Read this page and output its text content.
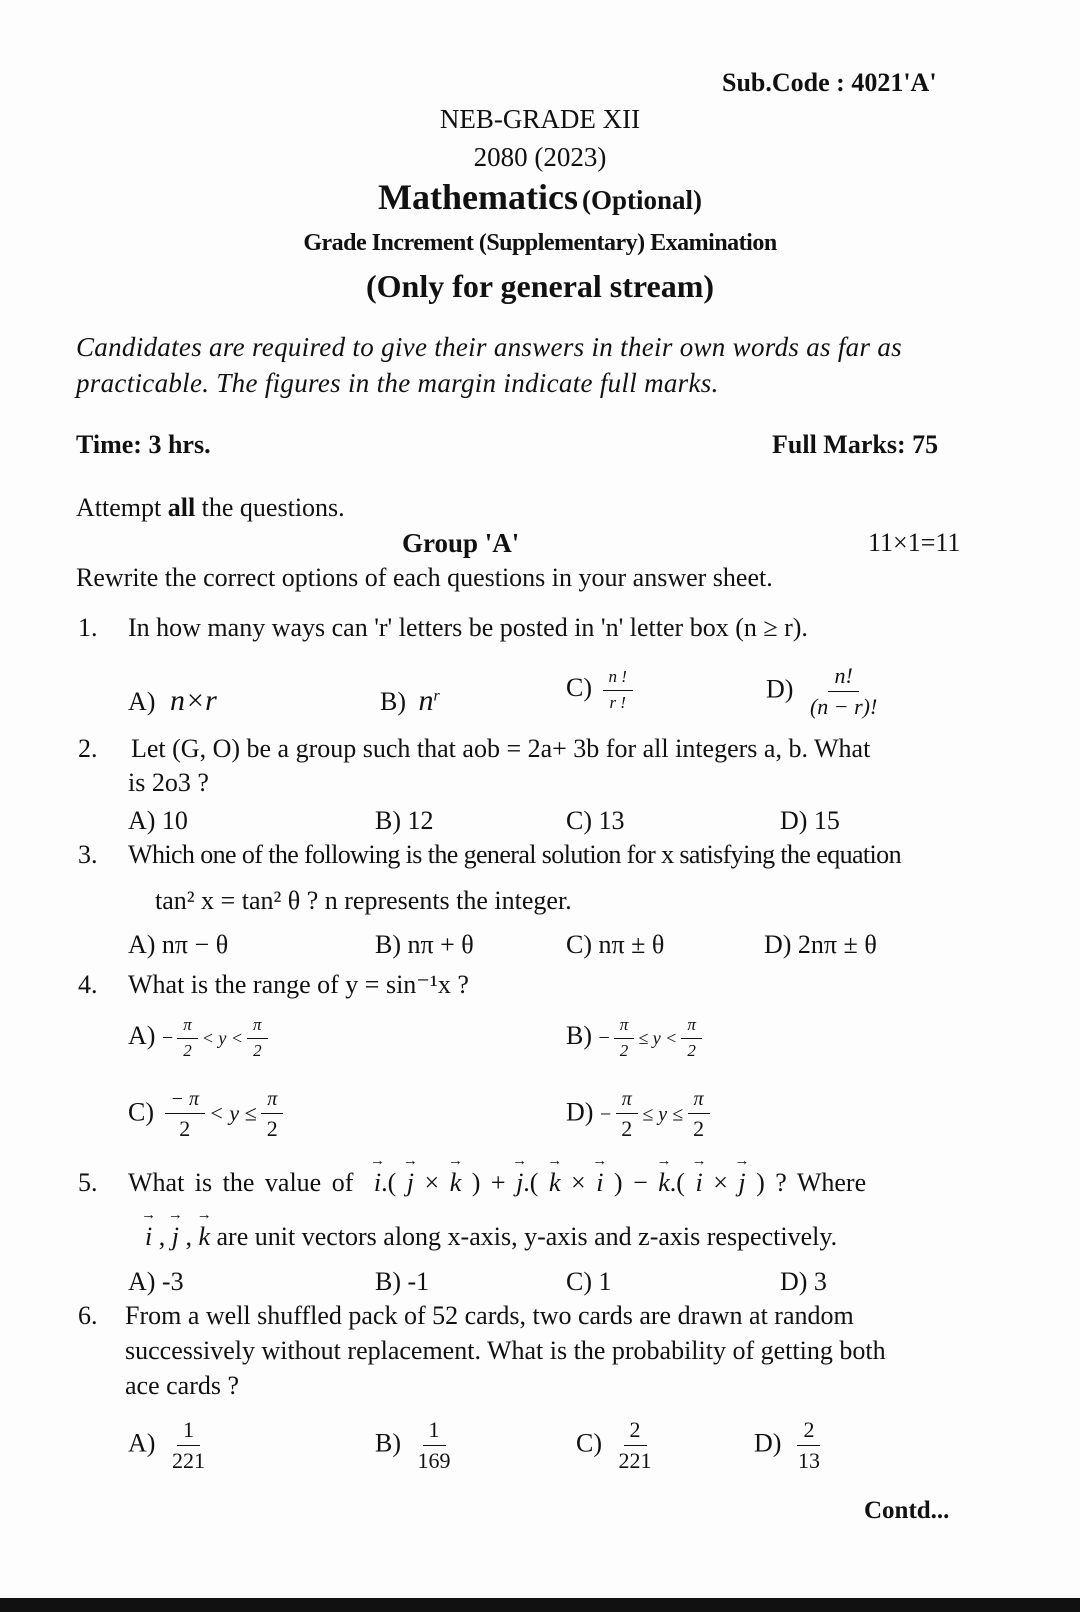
Sub.Code : 4021'A'
NEB-GRADE XII
2080 (2023)
Mathematics (Optional)
Grade Increment (Supplementary) Examination
(Only for general stream)
Candidates are required to give their answers in their own words as far as
practicable. The figures in the margin indicate full marks.
Time: 3 hrs.	Full Marks: 75
Attempt all the questions.
Group 'A'	11×1=11
Rewrite the correct options of each questions in your answer sheet.
1. In how many ways can 'r' letters be posted in 'n' letter box (n ≥ r).
A) n×r	B) $n^r$	$C) \frac{n !}{r !}$	$D) \frac{n!}{(n - r)!}$
2. Let (G, O) be a group such that aob = 2a+ 3b for all integers a, b. What
is 2o3 ?
A) 10	B) 12	C) 13	D) 15
3. Which one of the following is the general solution for x satisfying the equation
tan² x = tan² θ ? n represents the integer.
A) nπ − θ	B) nπ + θ	C) nπ ± θ	D) 2nπ ± θ
4. What is the range of y = sin⁻¹x ?
$A) - \frac{\pi}{2} < y < \frac{\pi}{2}$	$B) - \frac{\pi}{2} \le y < \frac{\pi}{2}$
$C) \frac{- \pi}{2} < y \le \frac{\pi}{2}$	$D) - \frac{\pi}{2} \le y \le \frac{\pi}{2}$
5. What is the value of → i.( → j × → k ) + → j.( → k × → i ) − → k.( → i × → j ) ? Where
→ i , → j , → k are unit vectors along x-axis, y-axis and z-axis respectively.
A) -3	B) -1	C) 1	D) 3
6. From a well shuffled pack of 52 cards, two cards are drawn at random
successively without replacement. What is the probability of getting both
ace cards ?
$A) \frac{1}{221}$	$B) \frac{1}{169}$	$C) \frac{2}{221}$	$D) \frac{2}{13}$
Contd...
